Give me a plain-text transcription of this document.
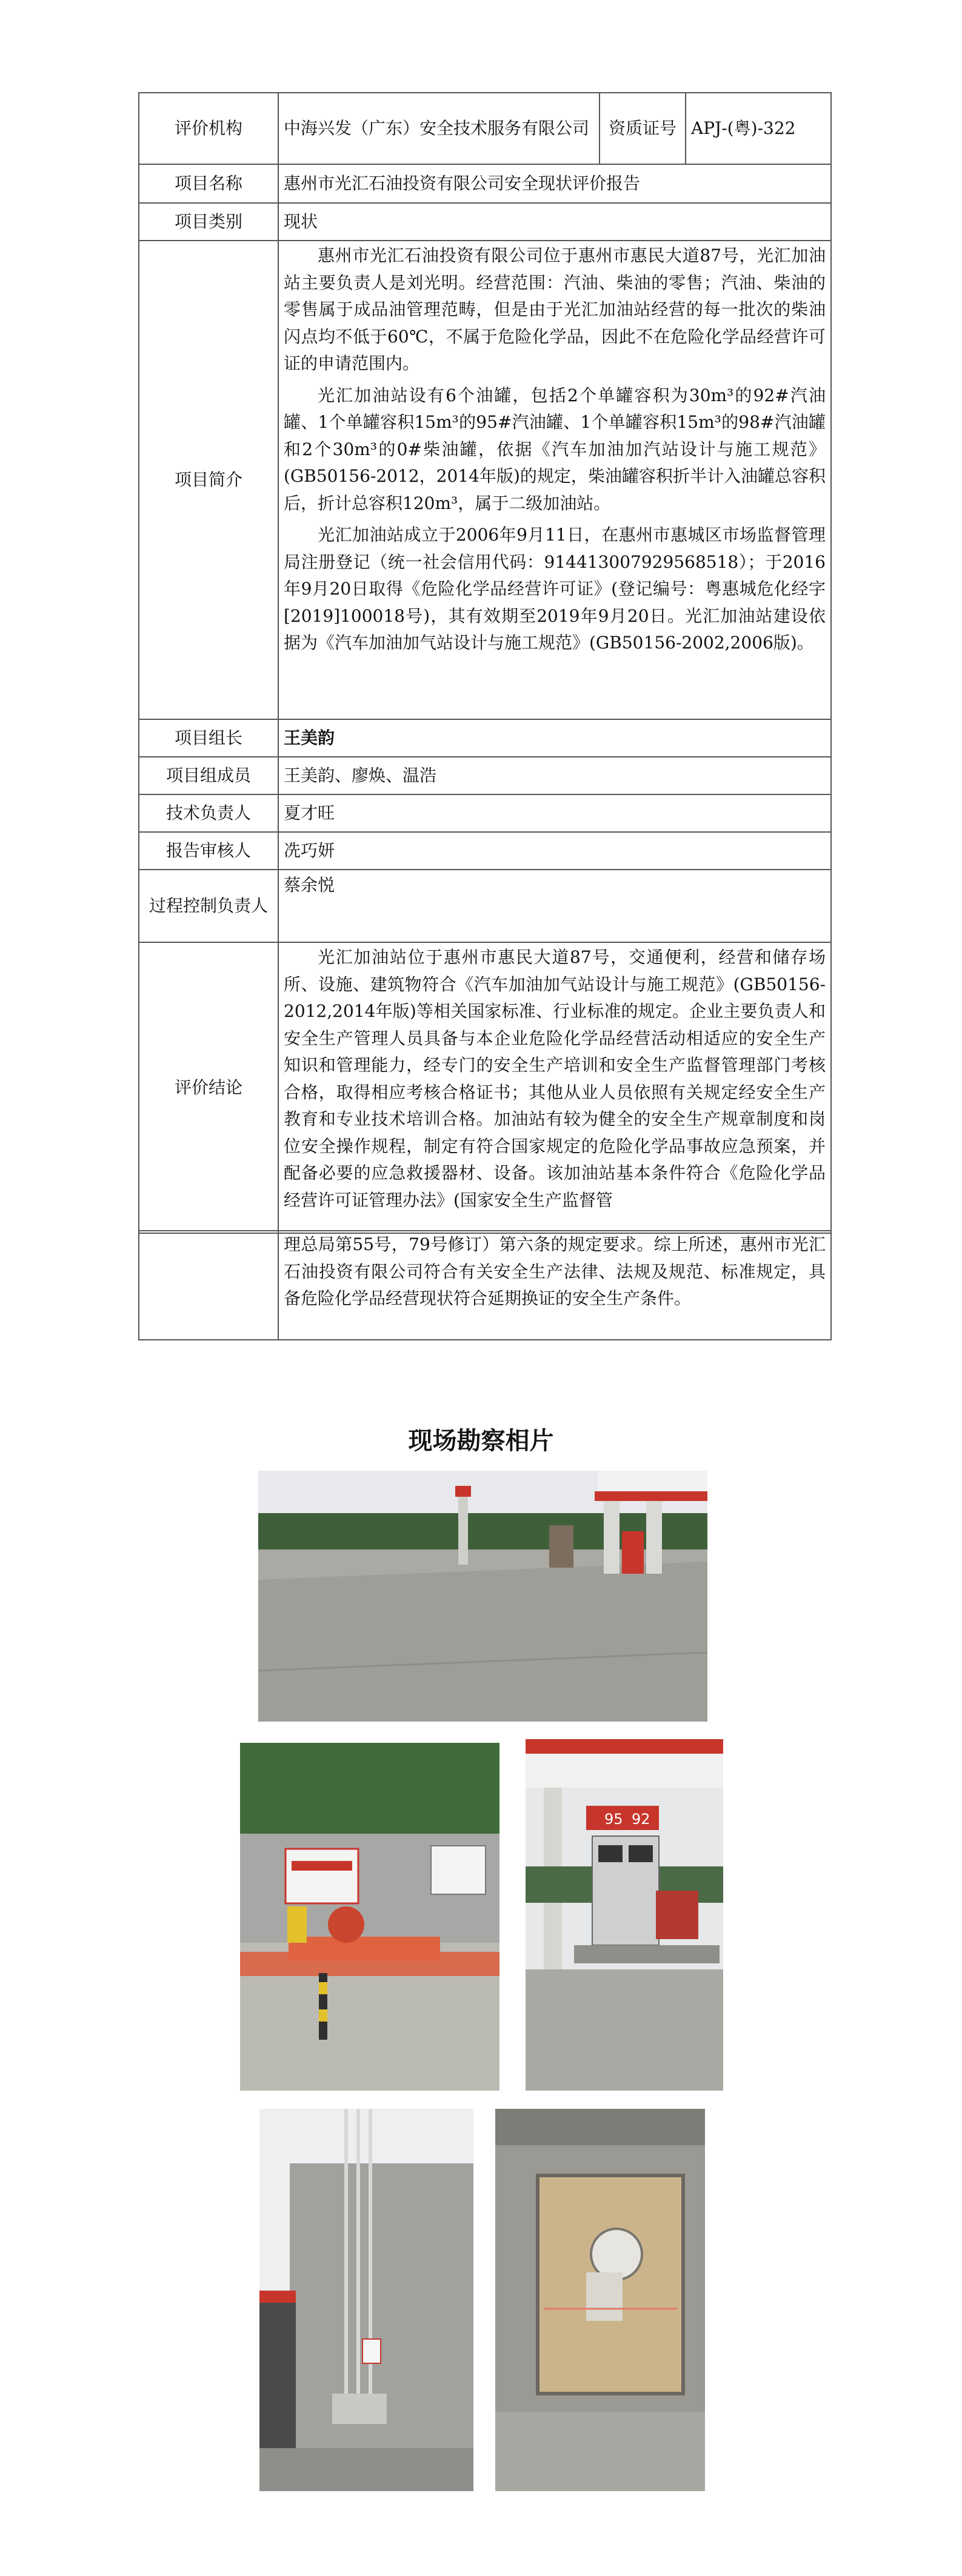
评价机构	中海兴发（广东）安全技术服务有限公司	资质证号	APJ-(粤)-322
项目名称	惠州市光汇石油投资有限公司安全现状评价报告		
项目类别	现状		
项目简介	惠州市光汇石油投资有限公司位于惠州市惠民大道87号，光汇加油站主要负责人是刘光明。经营范围：汽油、柴油的零售；汽油、柴油的零售属于成品油管理范畴，但是由于光汇加油站经营的每一批次的柴油闪点均不低于60℃，不属于危险化学品，因此不在危险化学品经营许可证的申请范围内。

光汇加油站设有6个油罐，包括2个单罐容积为30m³的92#汽油罐、1个单罐容积15m³的95#汽油罐、1个单罐容积15m³的98#汽油罐和2个30m³的0#柴油罐，依据《汽车加油加汽站设计与施工规范》(GB50156-2012，2014年版)的规定，柴油罐容积折半计入油罐总容积后，折计总容积120m³，属于二级加油站。

光汇加油站成立于2006年9月11日，在惠州市惠城区市场监督管理局注册登记（统一社会信用代码：91441300792956851​8）；于2016年9月20日取得《危险化学品经营许可证》(登记编号：粤惠城危化经字[2019]100018号)，其有效期至2019年9月20日。光汇加油站建设依据为《汽车加油加气站设计与施工规范》(GB50156-2002,2006版)。		

项目组长	王美韵		
项目组成员	王美韵、廖焕、温浩		
技术负责人	夏才旺		
报告审核人	冼巧妍		
过程控制负责人	蔡余悦		
评价结论	光汇加油站位于惠州市惠民大道87号，交通便利，经营和储存场所、设施、建筑物符合《汽车加油加气站设计与施工规范》(GB50156-2012,2014年版)等相关国家标准、行业标准的规定。企业主要负责人和安全生产管理人员具备与本企业危险化学品经营活动相适应的安全生产知识和管理能力，经专门的安全生产培训和安全生产监督管理部门考核合格，取得相应考核合格证书；其他从业人员依照有关规定经安全生产教育和专业技术培训合格。加油站有较为健全的安全生产规章制度和岗位安全操作规程，制定有符合国家规定的危险化学品事故应急预案，并配备必要的应急救援器材、设备。该加油站基本条件符合《危险化学品经营许可证管理办法》(国家安全生产监督管		

理总局第55号，79号修订）第六条的规定要求。综上所述，惠州市光汇石油投资有限公司符合有关安全生产法律、法规及规范、标准规定，具备危险化学品经营现状符合延期换证的安全生产条件。

现场勘察相片
95 92
